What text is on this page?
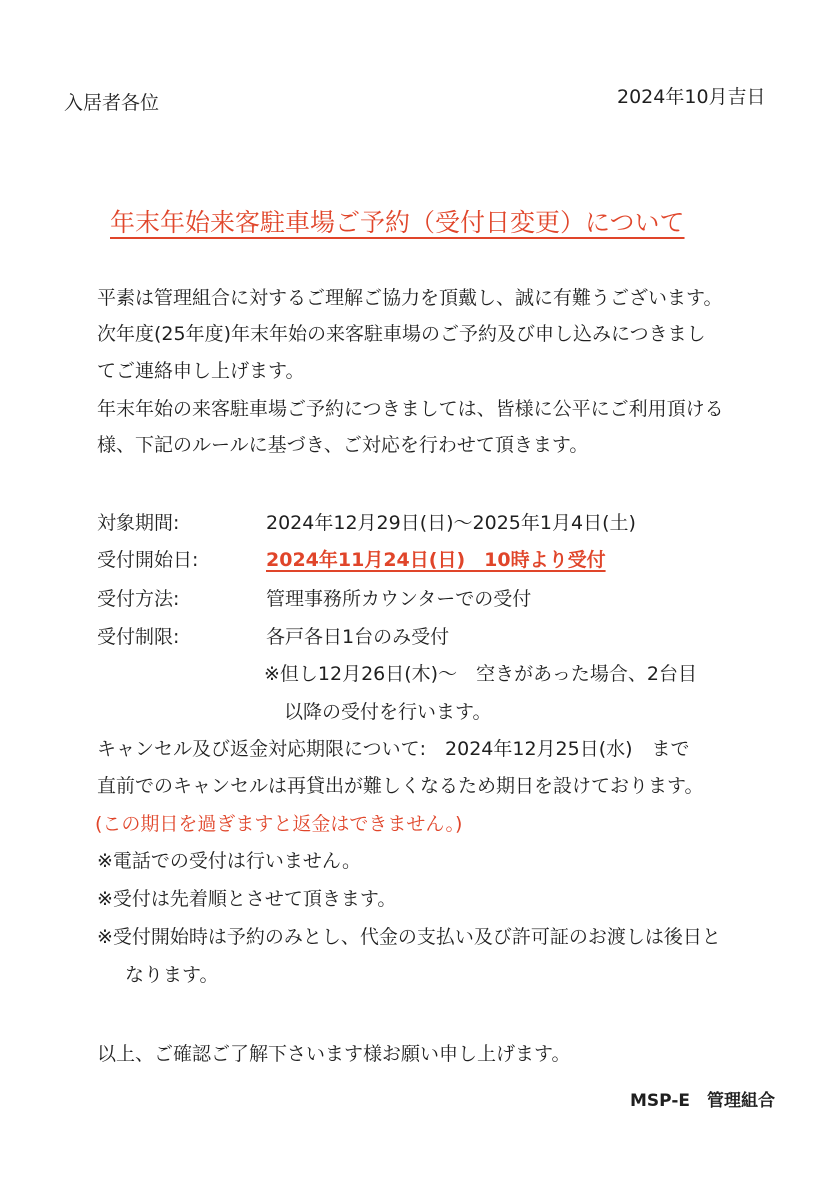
入居者各位	2024年10月吉日
年末年始来客駐車場ご予約（受付日変更）について
平素は管理組合に対するご理解ご協力を頂戴し、誠に有難うございます。
次年度(25年度)年末年始の来客駐車場のご予約及び申し込みにつきまし
てご連絡申し上げます。
年末年始の来客駐車場ご予約につきましては、皆様に公平にご利用頂ける
様、下記のルールに基づき、ご対応を行わせて頂きます。
対象期間:	2024年12月29日(日)～2025年1月4日(土)
受付開始日:	2024年11月24日(日)　10時より受付
受付方法:	管理事務所カウンターでの受付
受付制限:	各戸各日1台のみ受付
※但し12月26日(木)～　空きがあった場合、2台目
以降の受付を行います。
キャンセル及び返金対応期限について:　2024年12月25日(水)　まで
直前でのキャンセルは再貸出が難しくなるため期日を設けております。
(この期日を過ぎますと返金はできません。)
※電話での受付は行いません。
※受付は先着順とさせて頂きます。
※受付開始時は予約のみとし、代金の支払い及び許可証のお渡しは後日と
なります。
以上、ご確認ご了解下さいます様お願い申し上げます。
MSP-E　管理組合
